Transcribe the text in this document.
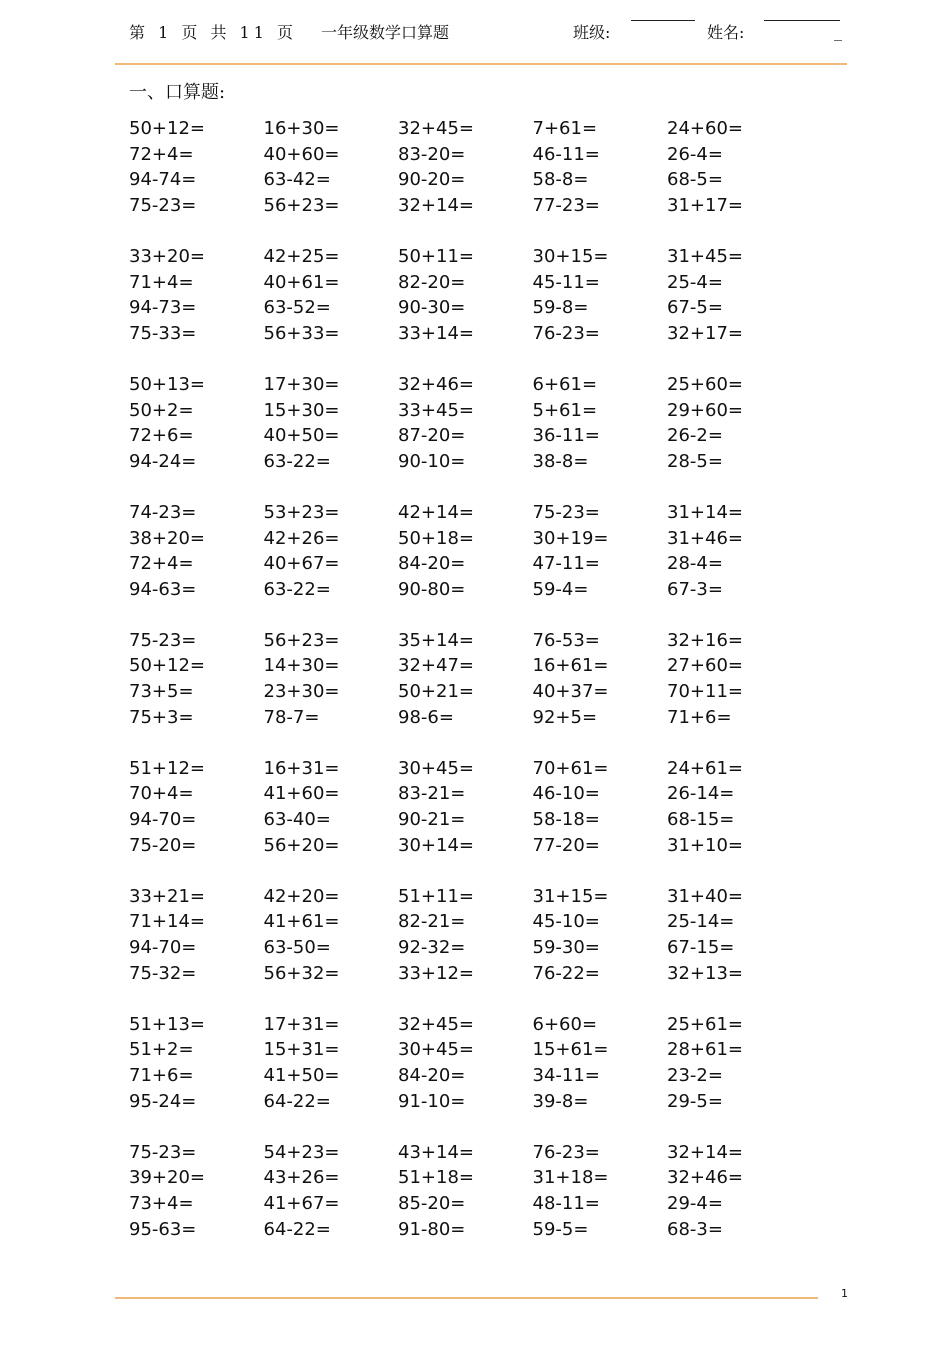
第 1 页 共 11 页 一年级数学口算题	班级:	姓名:	_
一、口算题:
50+12=	16+30=	32+45=	7+61=	24+60=
72+4=	40+60=	83-20=	46-11=	26-4=
94-74=	63-42=	90-20=	58-8=	68-5=
75-23=	56+23=	32+14=	77-23=	31+17=
33+20=	42+25=	50+11=	30+15=	31+45=
71+4=	40+61=	82-20=	45-11=	25-4=
94-73=	63-52=	90-30=	59-8=	67-5=
75-33=	56+33=	33+14=	76-23=	32+17=
50+13=	17+30=	32+46=	6+61=	25+60=
50+2=	15+30=	33+45=	5+61=	29+60=
72+6=	40+50=	87-20=	36-11=	26-2=
94-24=	63-22=	90-10=	38-8=	28-5=
74-23=	53+23=	42+14=	75-23=	31+14=
38+20=	42+26=	50+18=	30+19=	31+46=
72+4=	40+67=	84-20=	47-11=	28-4=
94-63=	63-22=	90-80=	59-4=	67-3=
75-23=	56+23=	35+14=	76-53=	32+16=
50+12=	14+30=	32+47=	16+61=	27+60=
73+5=	23+30=	50+21=	40+37=	70+11=
75+3=	78-7=	98-6=	92+5=	71+6=
51+12=	16+31=	30+45=	70+61=	24+61=
70+4=	41+60=	83-21=	46-10=	26-14=
94-70=	63-40=	90-21=	58-18=	68-15=
75-20=	56+20=	30+14=	77-20=	31+10=
33+21=	42+20=	51+11=	31+15=	31+40=
71+14=	41+61=	82-21=	45-10=	25-14=
94-70=	63-50=	92-32=	59-30=	67-15=
75-32=	56+32=	33+12=	76-22=	32+13=
51+13=	17+31=	32+45=	6+60=	25+61=
51+2=	15+31=	30+45=	15+61=	28+61=
71+6=	41+50=	84-20=	34-11=	23-2=
95-24=	64-22=	91-10=	39-8=	29-5=
75-23=	54+23=	43+14=	76-23=	32+14=
39+20=	43+26=	51+18=	31+18=	32+46=
73+4=	41+67=	85-20=	48-11=	29-4=
95-63=	64-22=	91-80=	59-5=	68-3=
1
